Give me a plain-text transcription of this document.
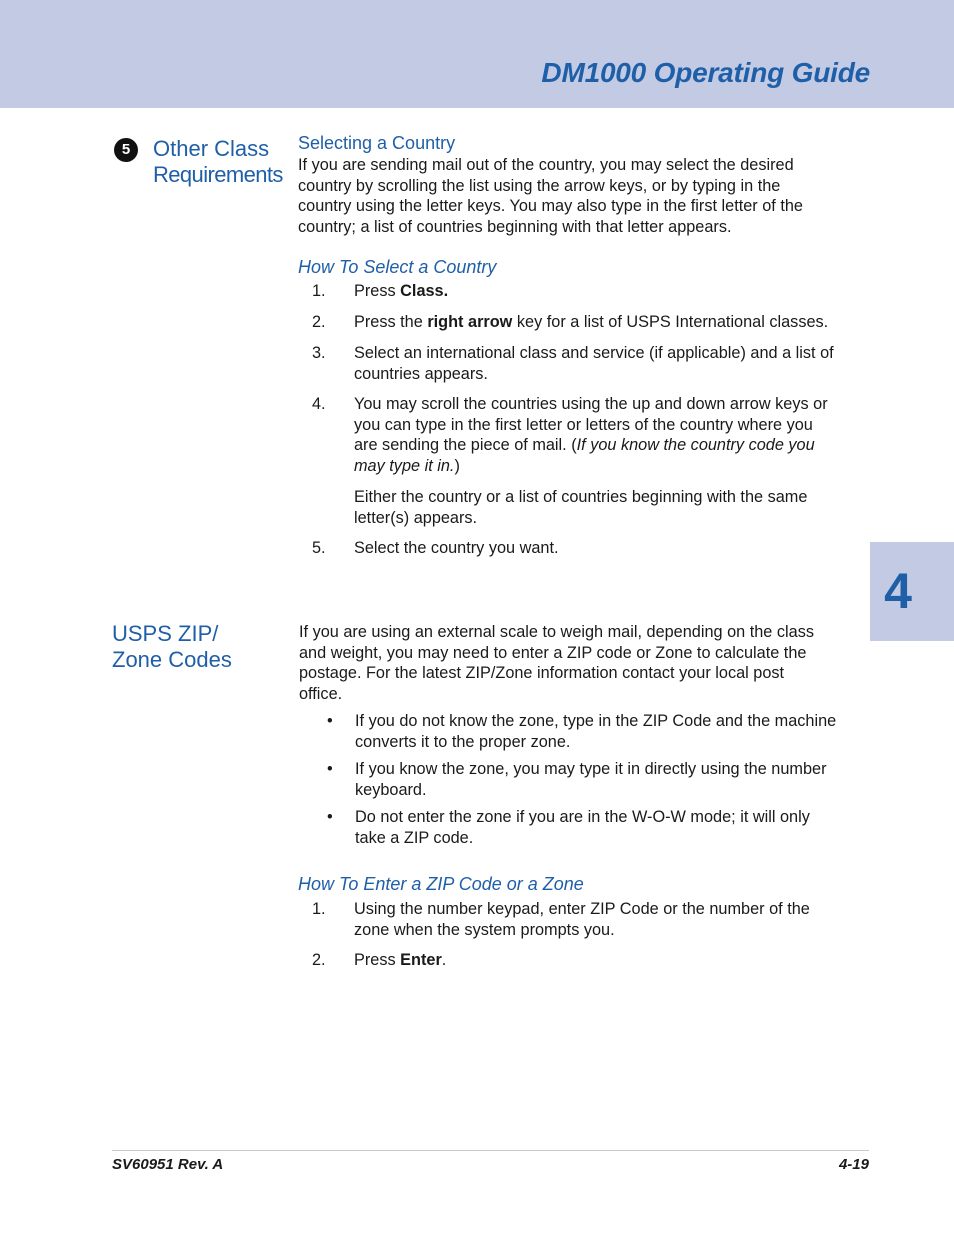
DM1000 Operating Guide
4
5	Other Class
Requirements
Selecting a Country
If you are sending mail out of the country, you may select the desired
country by scrolling the list using the arrow keys, or by typing in the
country using the letter keys. You may also type in the first letter of the
country; a list of countries beginning with that letter appears.
How To Select a Country
1. Press Class.
2. Press the right arrow key for a list of USPS International classes.
3. Select an international class and service (if applicable) and a list of
countries appears.
4. You may scroll the countries using the up and down arrow keys or
you can type in the first letter or letters of the country where you
are sending the piece of mail. (If you know the country code you
may type it in.)
Either the country or a list of countries beginning with the same
letter(s) appears.
5. Select the country you want.
USPS ZIP/
Zone Codes
If you are using an external scale to weigh mail, depending on the class
and weight, you may need to enter a ZIP code or Zone to calculate the
postage. For the latest ZIP/Zone information contact your local post
office.
• If you do not know the zone, type in the ZIP Code and the machine
converts it to the proper zone.
• If you know the zone, you may type it in directly using the number
keyboard.
• Do not enter the zone if you are in the W-O-W mode; it will only
take a ZIP code.
How To Enter a ZIP Code or a Zone
1. Using the number keypad, enter ZIP Code or the number of the
zone when the system prompts you.
2. Press Enter.
SV60951 Rev. A	4-19
